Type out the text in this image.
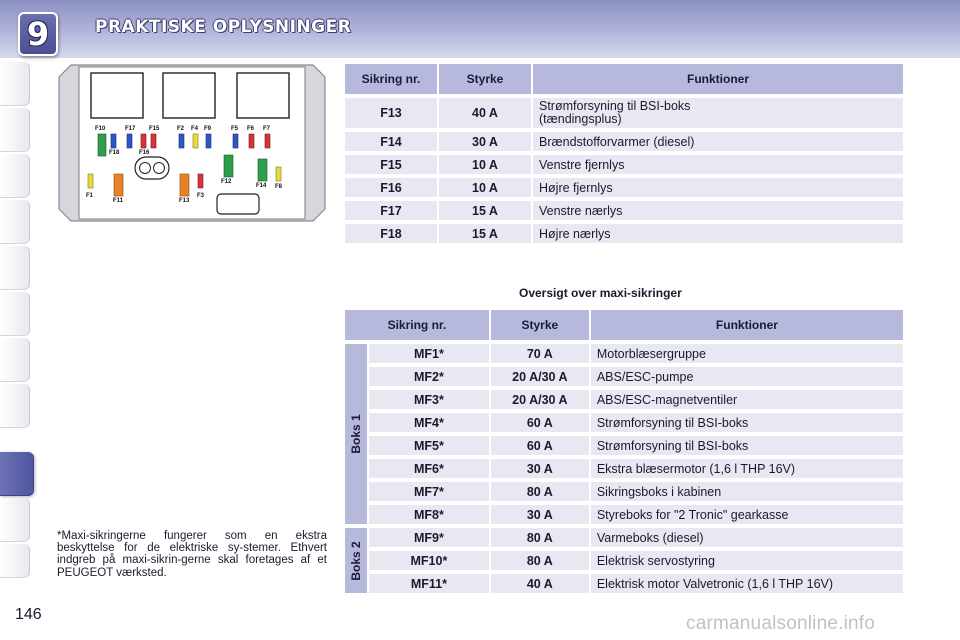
9	PRAKTISKE OPLYSNINGER
F10	F17 F15	F2 F4 F9	F5 F6 F7
F18	F16
F1
F11	F13
F3
F12
F14 F8
Sikring nr.	Styrke	Funktioner
F13	40 A	Strømforsyning til BSI-boks
(tændingsplus)
F14	30 A	Brændstofforvarmer (diesel)
F15	10 A	Venstre fjernlys
F16	10 A	Højre fjernlys
F17	15 A	Venstre nærlys
F18	15 A	Højre nærlys
Oversigt over maxi-sikringer
Sikring nr.		Styrke	Funktioner

Boks 1	MF1*	70 A	Motorblæsergruppe
	MF2*	20 A/30 A	ABS/ESC-pumpe
	MF3*	20 A/30 A	ABS/ESC-magnetventiler
	MF4*	60 A	Strømforsyning til BSI-boks
	MF5*	60 A	Strømforsyning til BSI-boks
	MF6*	30 A	Ekstra blæsermotor (1,6 l THP 16V)
	MF7*	80 A	Sikringsboks i kabinen
	MF8*	30 A	Styreboks for "2 Tronic" gearkasse

Boks 2	MF9*	80 A	Varmeboks (diesel)
	MF10*	80 A	Elektrisk servostyring
	MF11*	40 A	Elektrisk motor Valvetronic (1,6 l THP 16V)
*Maxi-sikringerne fungerer som en ekstra beskyttelse for de elektriske sy-stemer. Ethvert indgreb på maxi-sikrin-gerne skal foretages af et PEUGEOT værksted.
146	carmanualsonline.info
